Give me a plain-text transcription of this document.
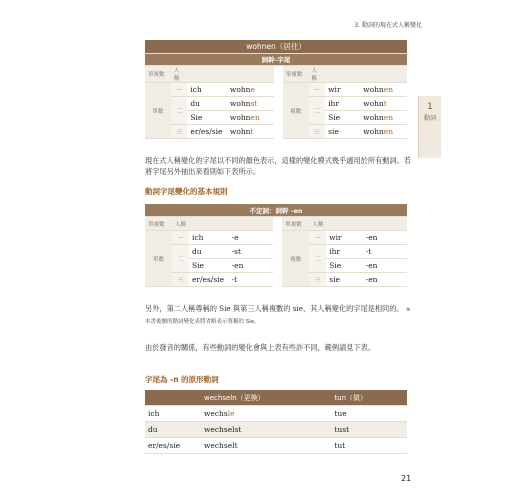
3. 動詞的現在式人稱變化
1
動詞
wohnen（居住）								
詞幹-字尾								
單複數	人稱				單複數	人稱		
單數	一	ich	wohne		複數	一	wir	wohnen
	二	du	wohnst			二	ihr	wohnt
		Sie	wohnen				Sie	wohnen
	三	er/es/sie	wohnt			三	sie	wohnen
現在式人稱變化的字尾以不同的顏色表示，這樣的變化模式幾乎適用於所有動詞。若將字尾另外抽出來看則如下表所示。
動詞字尾變化的基本規則
不定詞：詞幹 -en								
單複數	人稱				單複數	人稱		
單數	一	ich	-e		複數	一	wir	-en
	二	du	-st			二	ihr	-t
		Sie	-en				Sie	-en
	三	er/es/sie	-t			三	sie	-en
另外，第二人稱尊稱的 Sie 與第三人稱複數的 sie，其人稱變化的字尾是相同的。 ※本書後續的動詞變化表將省略表示尊稱的 Sie。
由於發音的關係，有些動詞的變化會與上表有些許不同，範例請見下表。
字尾為 -n 的原形動詞
	wechseln（更換）	tun（做）
ich	wechsle	tue
du	wechselst	tust
er/es/sie	wechselt	tut
21
